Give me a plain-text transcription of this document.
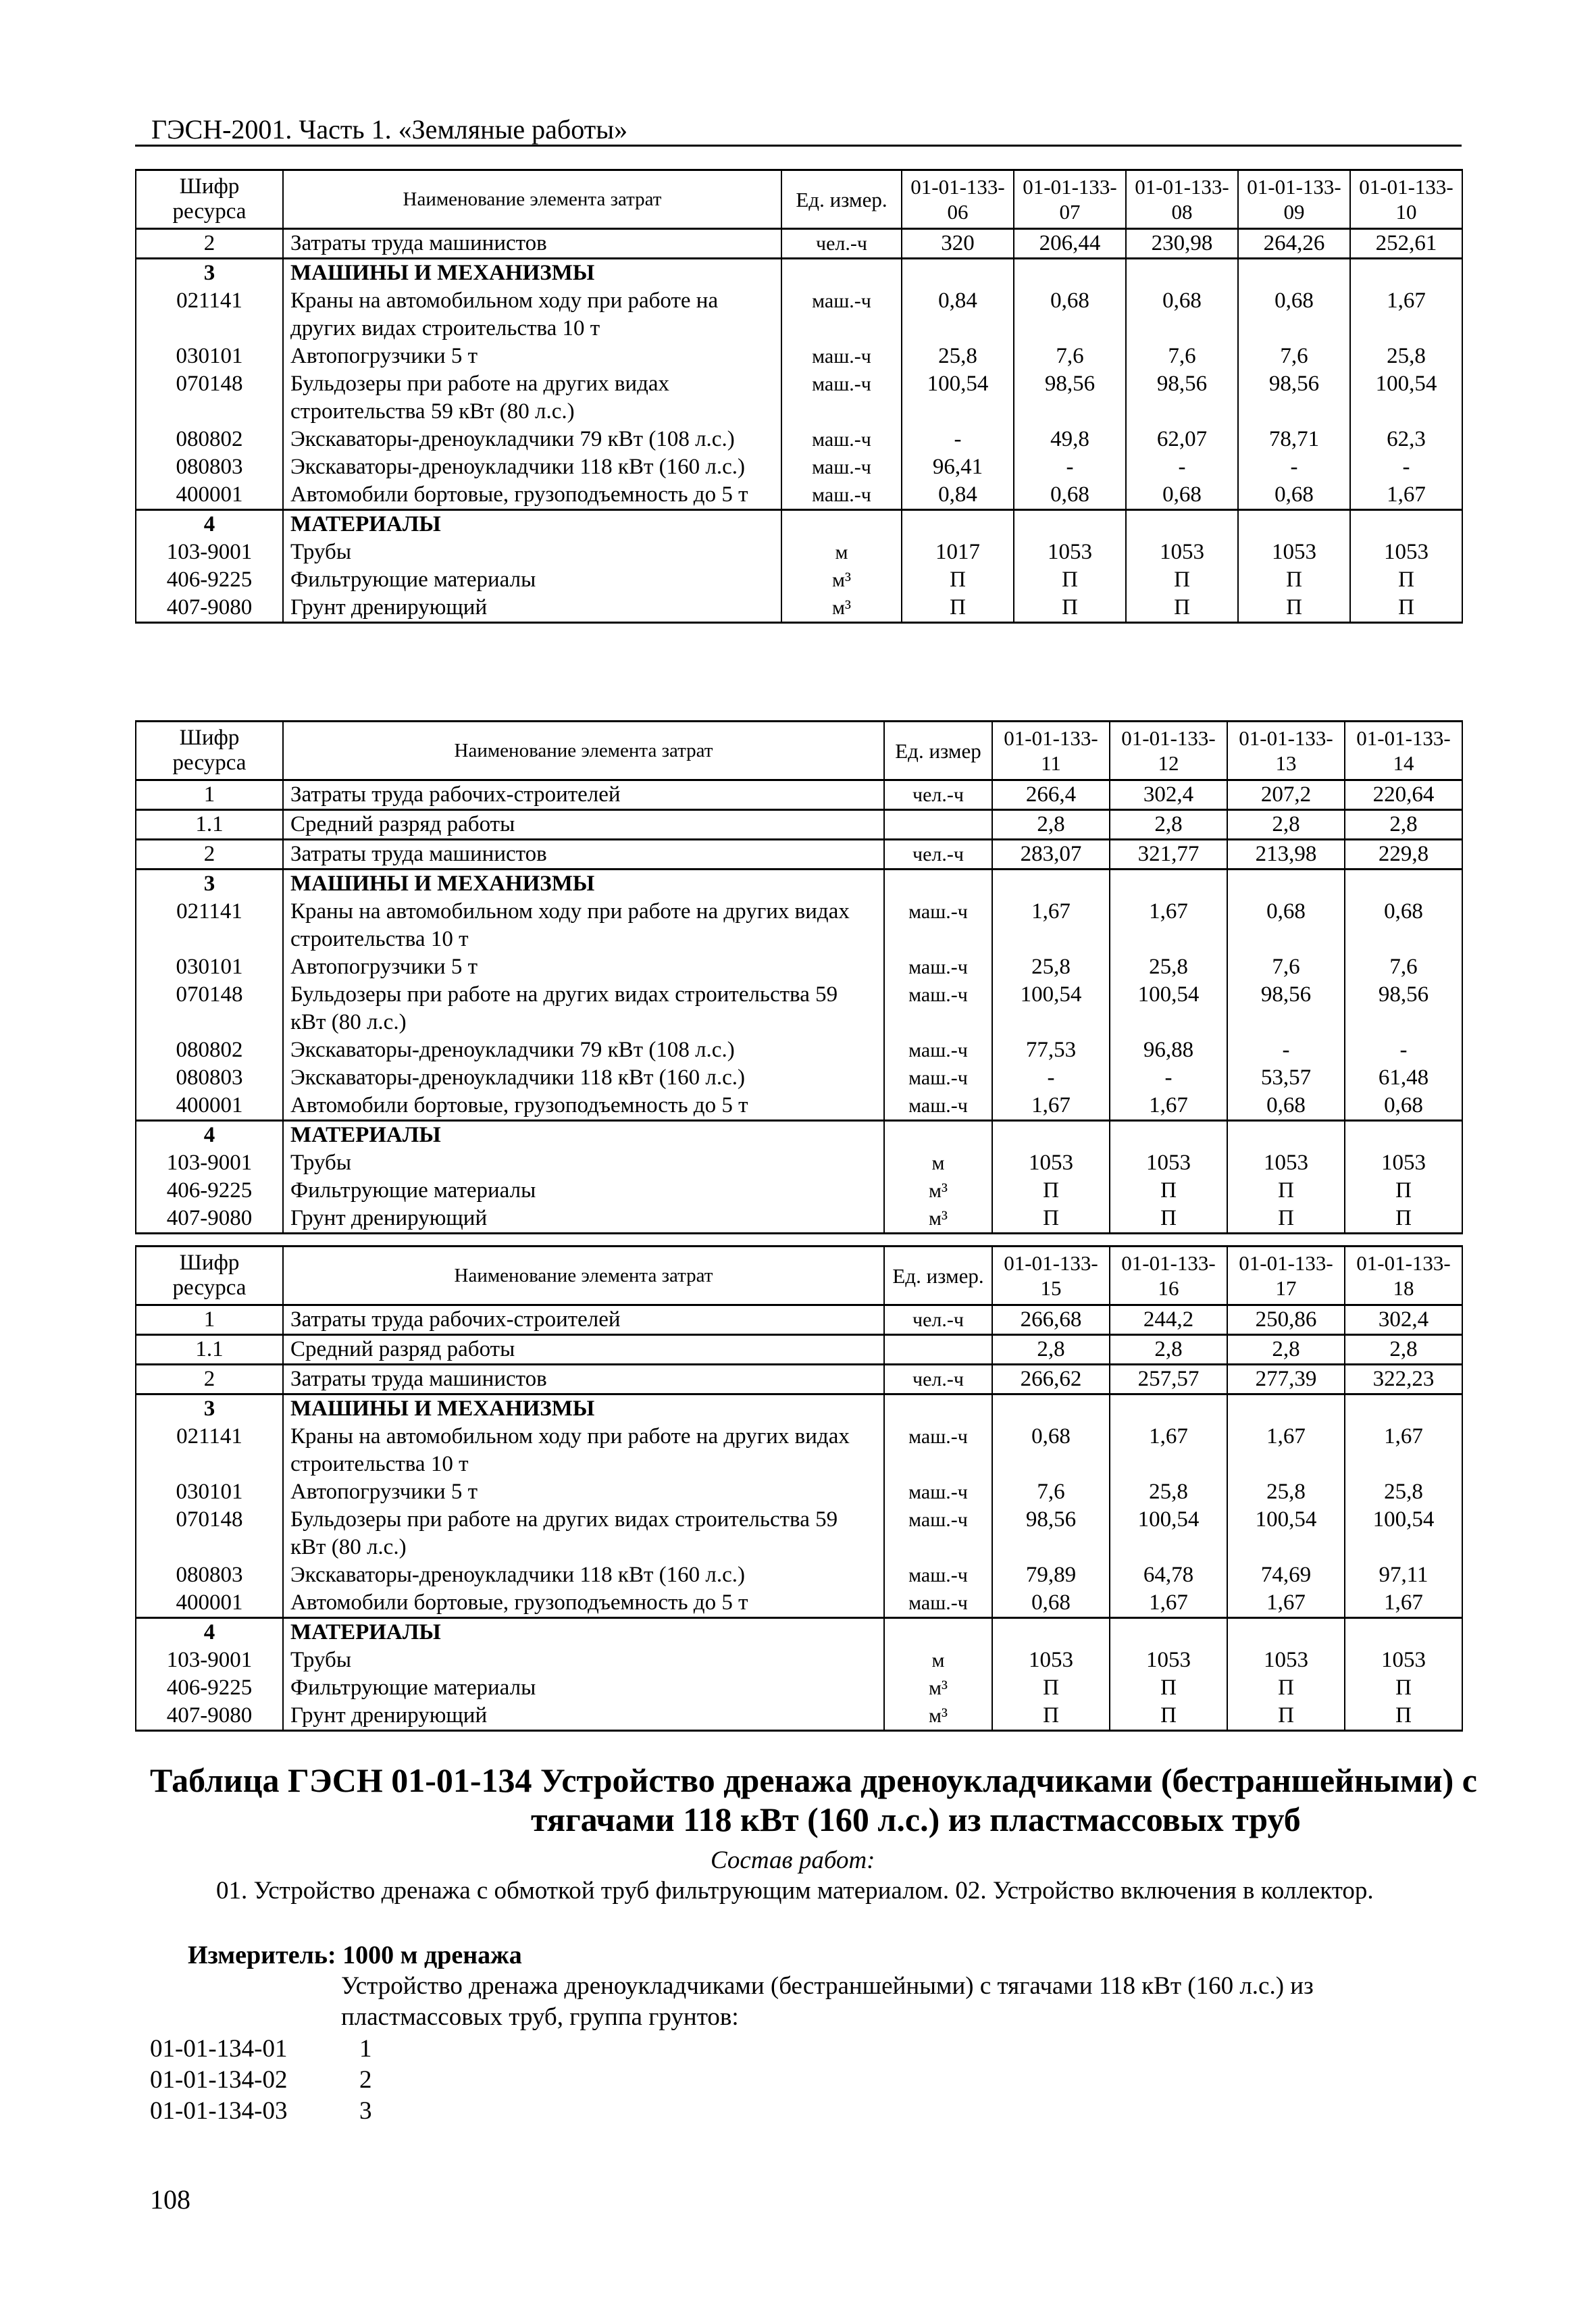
ГЭСН-2001. Часть 1. «Земляные работы»
Шифр ресурса	Наименование элемента затрат	Ед. измер.	01-01-133-06	01-01-133-07	01-01-133-08	01-01-133-09	01-01-133-10
2	Затраты труда машинистов	чел.-ч	320	206,44	230,98	264,26	252,61
3	МАШИНЫ И МЕХАНИЗМЫ						
021141	Краны на автомобильном ходу при работе на других видах строительства 10 т	маш.-ч	0,84	0,68	0,68	0,68	1,67
030101	Автопогрузчики 5 т	маш.-ч	25,8	7,6	7,6	7,6	25,8
070148	Бульдозеры при работе на других видах строительства 59 кВт (80 л.с.)	маш.-ч	100,54	98,56	98,56	98,56	100,54
080802	Экскаваторы-дреноукладчики 79 кВт (108 л.с.)	маш.-ч	-	49,8	62,07	78,71	62,3
080803	Экскаваторы-дреноукладчики 118 кВт (160 л.с.)	маш.-ч	96,41	-	-	-	-
400001	Автомобили бортовые, грузоподъемность до 5 т	маш.-ч	0,84	0,68	0,68	0,68	1,67
4	МАТЕРИАЛЫ						
103-9001	Трубы	м	1017	1053	1053	1053	1053
406-9225	Фильтрующие материалы	м³	П	П	П	П	П
407-9080	Грунт дренирующий	м³	П	П	П	П	П
Шифр ресурса	Наименование элемента затрат	Ед. измер	01-01-133-11	01-01-133-12	01-01-133-13	01-01-133-14
1	Затраты труда рабочих-строителей	чел.-ч	266,4	302,4	207,2	220,64
1.1	Средний разряд работы		2,8	2,8	2,8	2,8
2	Затраты труда машинистов	чел.-ч	283,07	321,77	213,98	229,8
3	МАШИНЫ И МЕХАНИЗМЫ					
021141	Краны на автомобильном ходу при работе на других видах строительства 10 т	маш.-ч	1,67	1,67	0,68	0,68
030101	Автопогрузчики 5 т	маш.-ч	25,8	25,8	7,6	7,6
070148	Бульдозеры при работе на других видах строительства 59 кВт (80 л.с.)	маш.-ч	100,54	100,54	98,56	98,56
080802	Экскаваторы-дреноукладчики 79 кВт (108 л.с.)	маш.-ч	77,53	96,88	-	-
080803	Экскаваторы-дреноукладчики 118 кВт (160 л.с.)	маш.-ч	-	-	53,57	61,48
400001	Автомобили бортовые, грузоподъемность до 5 т	маш.-ч	1,67	1,67	0,68	0,68
4	МАТЕРИАЛЫ					
103-9001	Трубы	м	1053	1053	1053	1053
406-9225	Фильтрующие материалы	м³	П	П	П	П
407-9080	Грунт дренирующий	м³	П	П	П	П
Шифр ресурса	Наименование элемента затрат	Ед. измер.	01-01-133-15	01-01-133-16	01-01-133-17	01-01-133-18
1	Затраты труда рабочих-строителей	чел.-ч	266,68	244,2	250,86	302,4
1.1	Средний разряд работы		2,8	2,8	2,8	2,8
2	Затраты труда машинистов	чел.-ч	266,62	257,57	277,39	322,23
3	МАШИНЫ И МЕХАНИЗМЫ					
021141	Краны на автомобильном ходу при работе на других видах строительства 10 т	маш.-ч	0,68	1,67	1,67	1,67
030101	Автопогрузчики 5 т	маш.-ч	7,6	25,8	25,8	25,8
070148	Бульдозеры при работе на других видах строительства 59 кВт (80 л.с.)	маш.-ч	98,56	100,54	100,54	100,54
080803	Экскаваторы-дреноукладчики 118 кВт (160 л.с.)	маш.-ч	79,89	64,78	74,69	97,11
400001	Автомобили бортовые, грузоподъемность до 5 т	маш.-ч	0,68	1,67	1,67	1,67
4	МАТЕРИАЛЫ					
103-9001	Трубы	м	1053	1053	1053	1053
406-9225	Фильтрующие материалы	м³	П	П	П	П
407-9080	Грунт дренирующий	м³	П	П	П	П
Таблица ГЭСН 01-01-134 Устройство дренажа дреноукладчиками (бестраншейными) с
тягачами 118 кВт (160 л.с.) из пластмассовых труб
Состав работ:
01. Устройство дренажа с обмоткой труб фильтрующим материалом. 02. Устройство включения в коллектор.
Измеритель: 1000 м дренажа
Устройство дренажа дреноукладчиками (бестраншейными) с тягачами 118 кВт (160 л.с.) из пластмассовых труб, группа грунтов:
01-01-134-01	1
01-01-134-02	2
01-01-134-03	3
108
